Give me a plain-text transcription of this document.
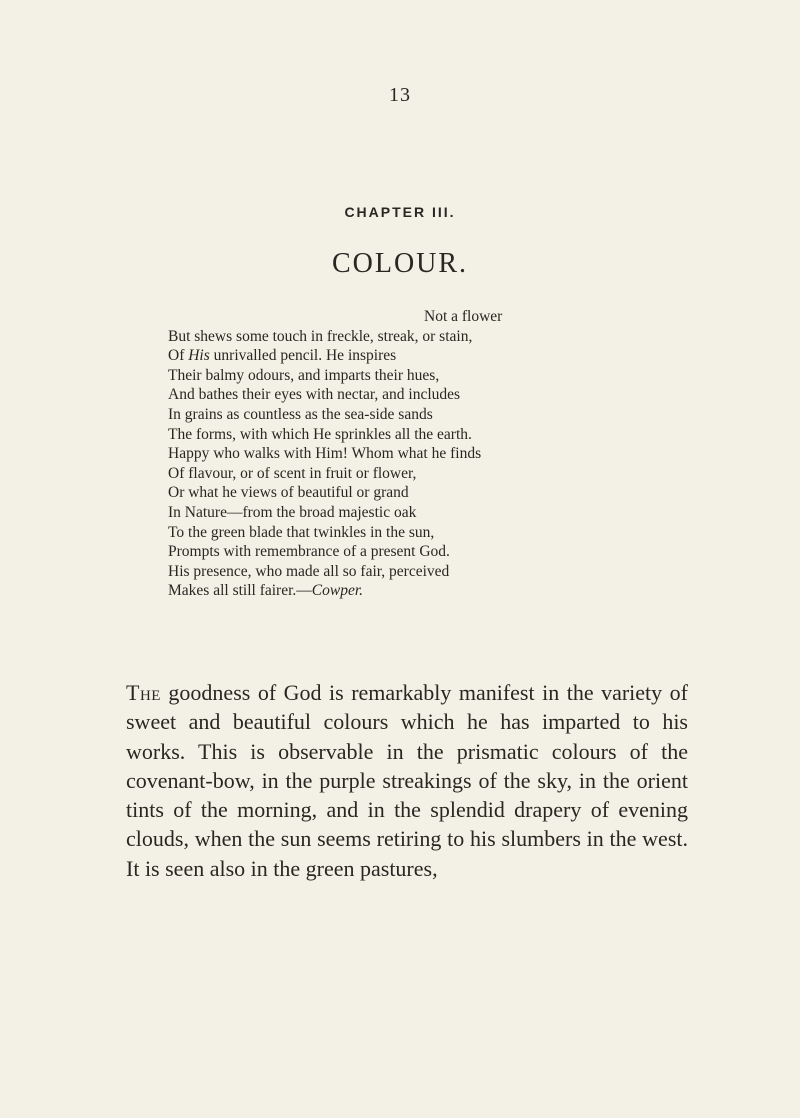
13
CHAPTER III.
COLOUR.
Not a flower
But shews some touch in freckle, streak, or stain,
Of His unrivalled pencil. He inspires
Their balmy odours, and imparts their hues,
And bathes their eyes with nectar, and includes
In grains as countless as the sea-side sands
The forms, with which He sprinkles all the earth.
Happy who walks with Him! Whom what he finds
Of flavour, or of scent in fruit or flower,
Or what he views of beautiful or grand
In Nature—from the broad majestic oak
To the green blade that twinkles in the sun,
Prompts with remembrance of a present God.
His presence, who made all so fair, perceived
Makes all still fairer.—Cowper.
The goodness of God is remarkably manifest in the variety of sweet and beautiful colours which he has imparted to his works. This is observable in the prismatic colours of the covenant-bow, in the purple streakings of the sky, in the orient tints of the morning, and in the splendid drapery of evening clouds, when the sun seems retiring to his slumbers in the west. It is seen also in the green pastures,
